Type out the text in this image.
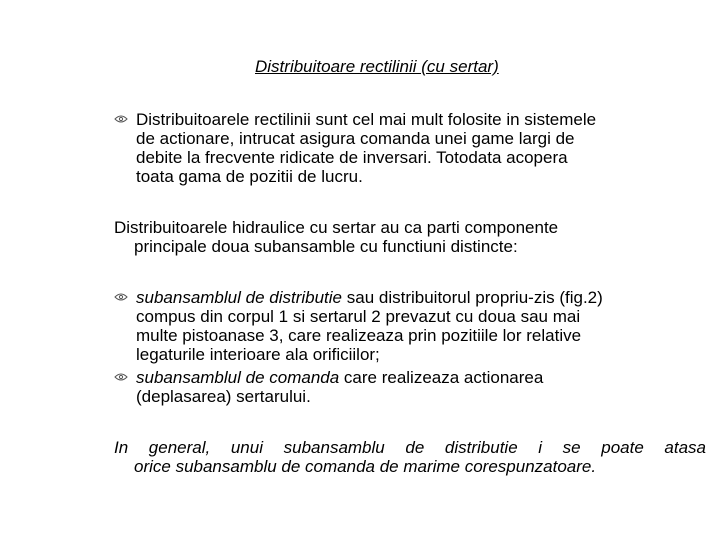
Distribuitoare rectilinii (cu sertar)
Distribuitoarele rectilinii sunt cel mai mult folosite in sistemele
de actionare, intrucat asigura comanda unei game largi de
debite la frecvente ridicate de inversari. Totodata acopera
toata gama de pozitii de lucru.
Distribuitoarele hidraulice cu sertar au ca parti componente
principale doua subansamble cu functiuni distincte:
subansamblul de distributie sau distribuitorul propriu-zis (fig.2)
compus din corpul 1 si sertarul 2 prevazut cu doua sau mai
multe pistoanase 3, care realizeaza prin pozitiile lor relative
legaturile interioare ala orificiilor;
subansamblul de comanda care realizeaza actionarea
(deplasarea) sertarului.
In general, unui subansamblu de distributie i se poate atasa
orice subansamblu de comanda de marime corespunzatoare.
